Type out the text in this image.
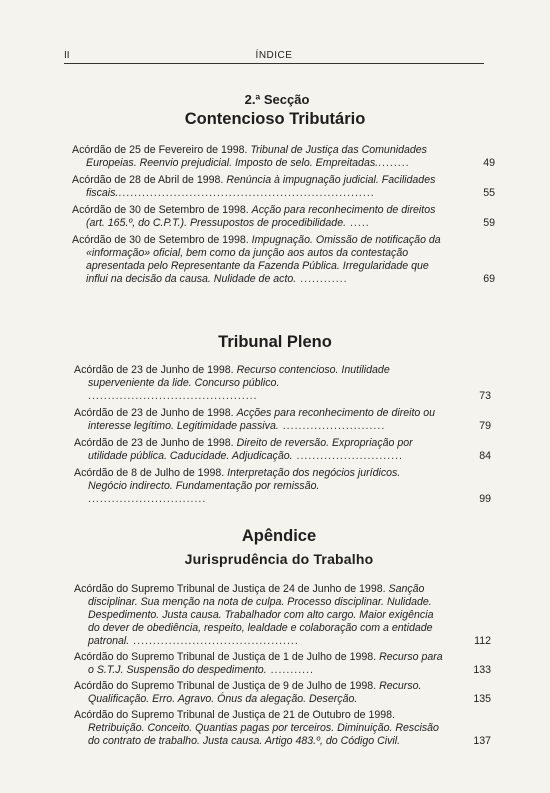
II	ÍNDICE
2.ª Secção
Contencioso Tributário
Acórdão de 25 de Fevereiro de 1998. Tribunal de Justiça das Comunidades Europeias. Reenvio prejudicial. Imposto de selo. Empreitadas.........	49
Acórdão de 28 de Abril de 1998. Renúncia à impugnação judicial. Facilidades fiscais..................................................................	55
Acórdão de 30 de Setembro de 1998. Acção para reconhecimento de direitos (art. 165.º, do C.P.T.). Pressupostos de procedibilidade. .....	59
Acórdão de 30 de Setembro de 1998. Impugnação. Omissão de notificação da «informação» oficial, bem como da junção aos autos da contestação apresentada pelo Representante da Fazenda Pública. Irregularidade que influi na decisão da causa. Nulidade de acto. ............	69
Tribunal Pleno
Acórdão de 23 de Junho de 1998. Recurso contencioso. Inutilidade superveniente da lide. Concurso público. ...........................................	73
Acórdão de 23 de Junho de 1998. Acções para reconhecimento de direito ou interesse legítimo. Legitimidade passiva. ..........................	79
Acórdão de 23 de Junho de 1998. Direito de reversão. Expropriação por utilidade pública. Caducidade. Adjudicação. ...........................	84
Acórdão de 8 de Julho de 1998. Interpretação dos negócios jurídicos. Negócio indirecto. Fundamentação por remissão. ..............................	99
Apêndice
Jurisprudência do Trabalho
Acórdão do Supremo Tribunal de Justiça de 24 de Junho de 1998. Sanção disciplinar. Sua menção na nota de culpa. Processo disciplinar. Nulidade. Despedimento. Justa causa. Trabalhador com alto cargo. Maior exigência do dever de obediência, respeito, lealdade e colaboração com a entidade patronal. ..........................................	112
Acórdão do Supremo Tribunal de Justiça de 1 de Julho de 1998. Recurso para o S.T.J. Suspensão do despedimento. ...........	133
Acórdão do Supremo Tribunal de Justiça de 9 de Julho de 1998. Recurso. Qualificação. Erro. Agravo. Ónus da alegação. Deserção.	135
Acórdão do Supremo Tribunal de Justiça de 21 de Outubro de 1998. Retribuição. Conceito. Quantias pagas por terceiros. Diminuição. Rescisão do contrato de trabalho. Justa causa. Artigo 483.º, do Código Civil.	137
